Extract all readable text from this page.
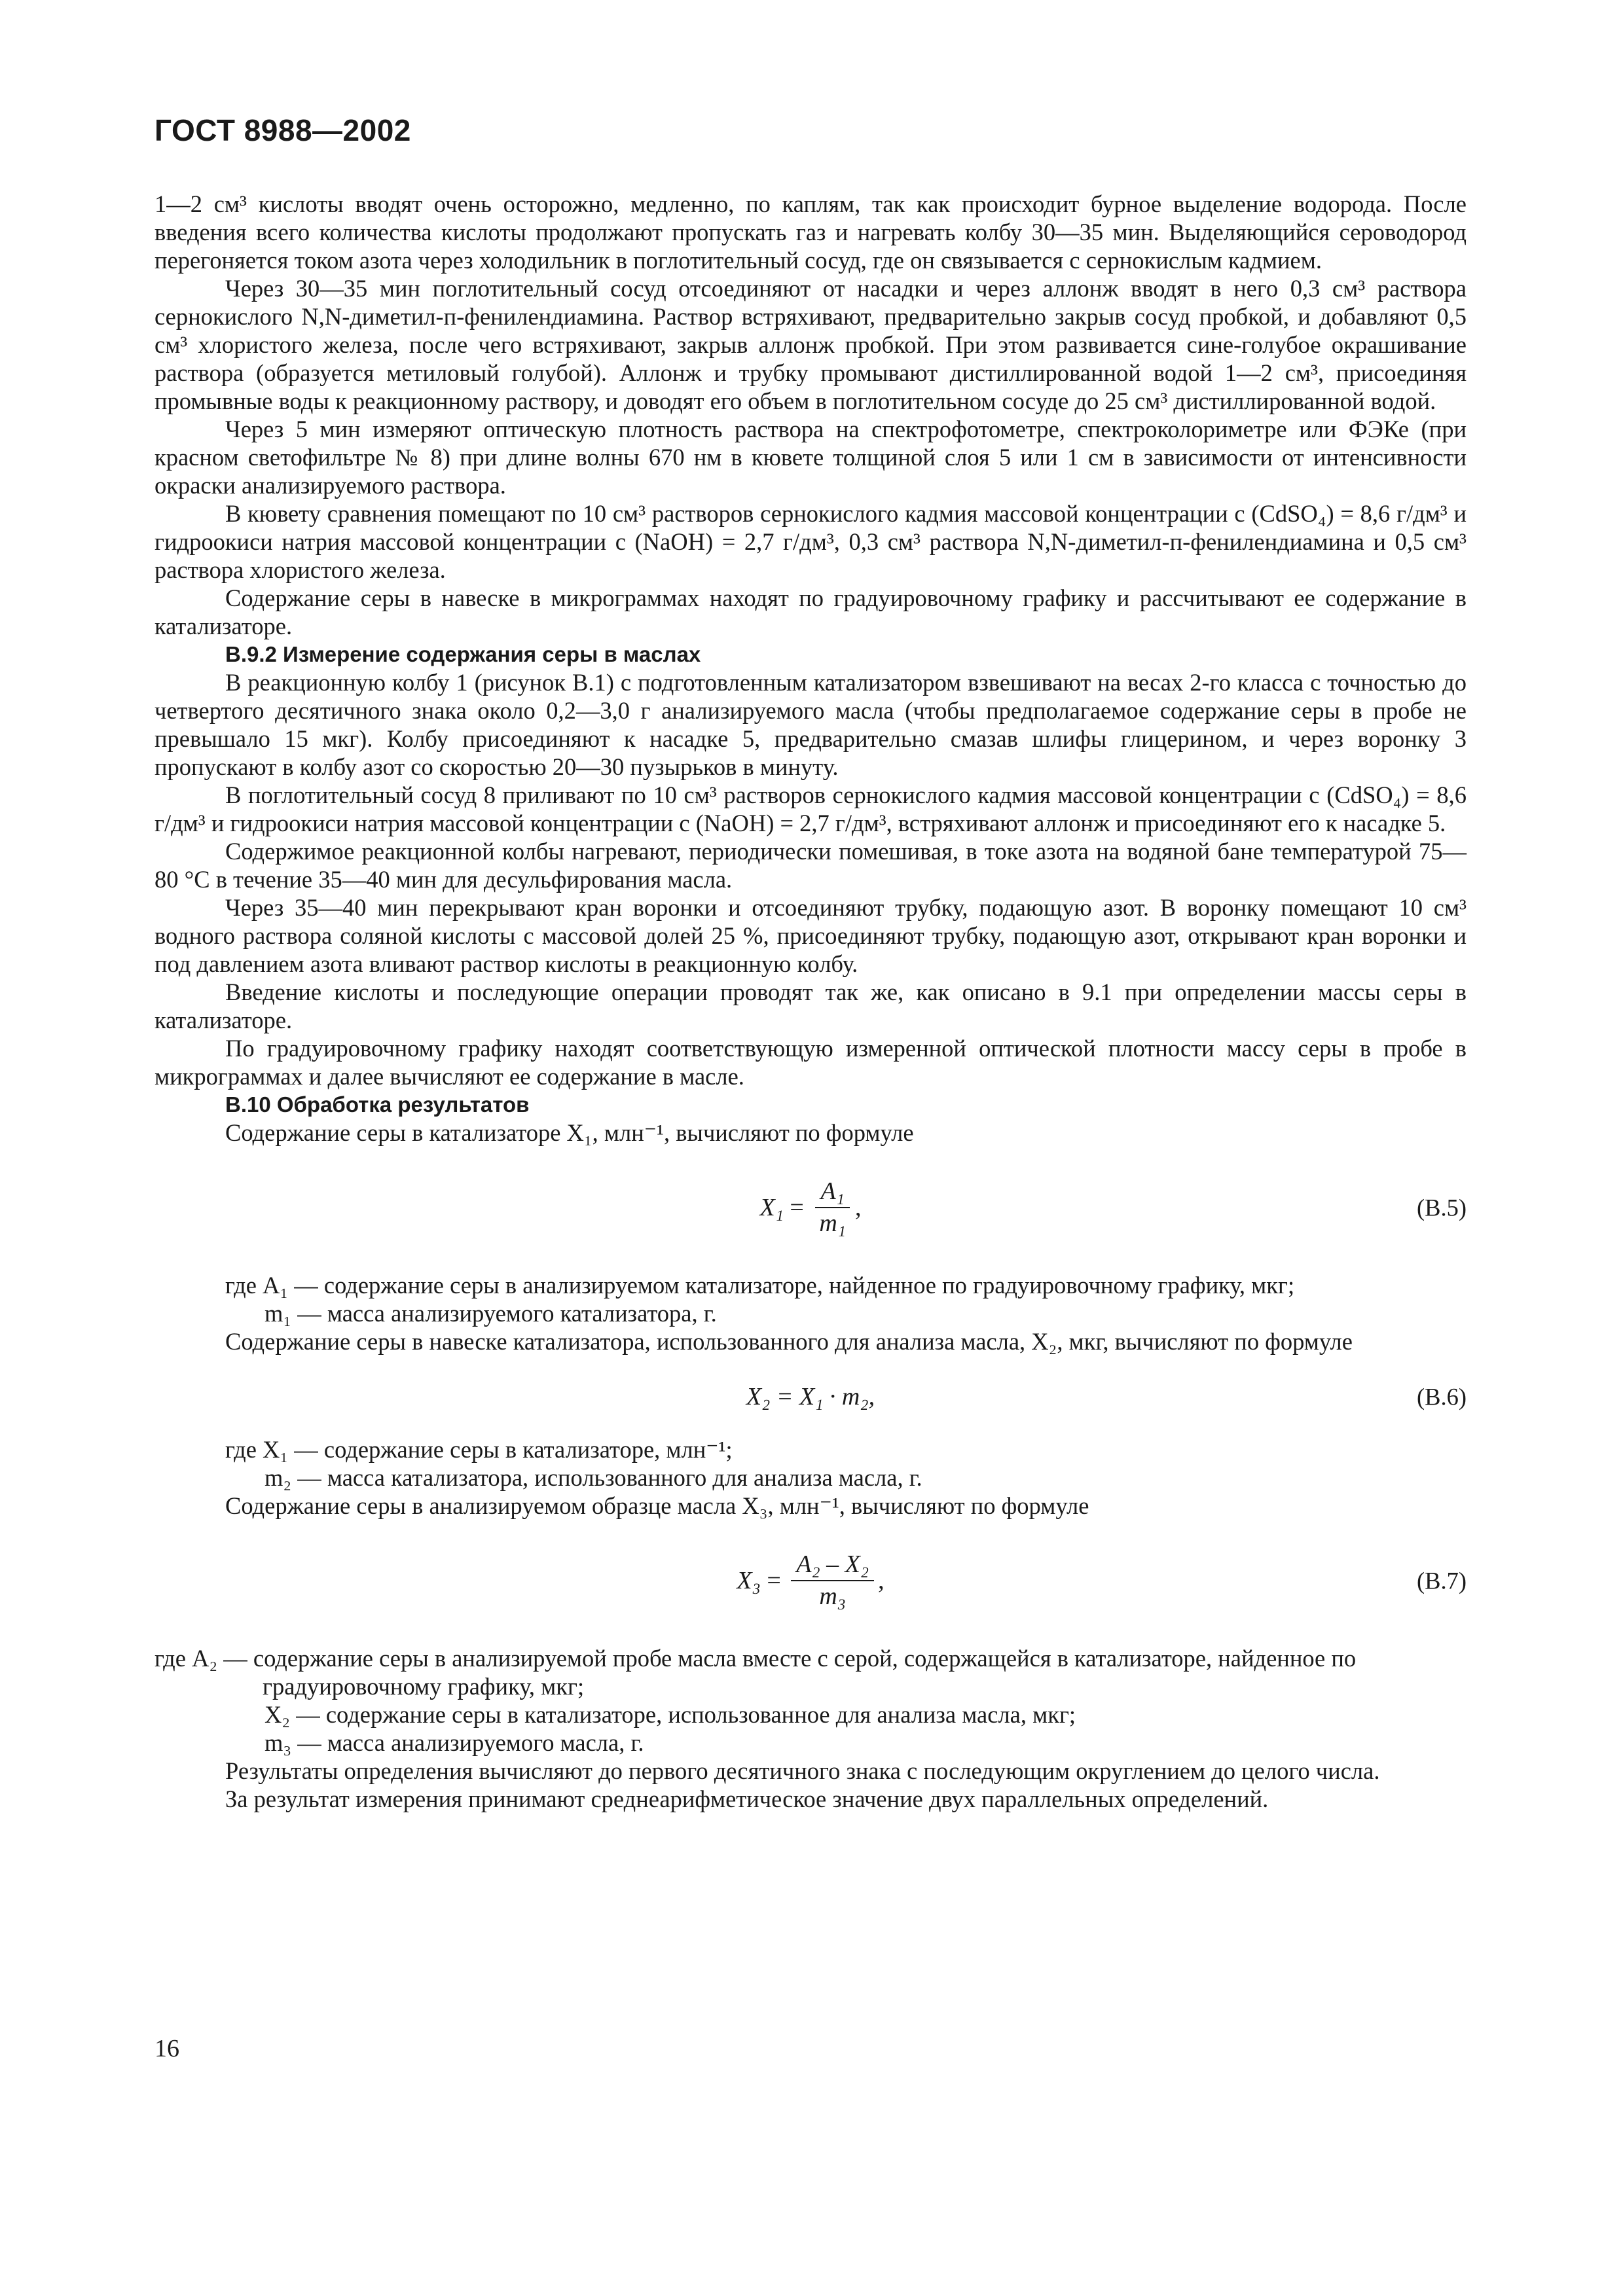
ГОСТ 8988—2002

1—2 см³ кислоты вводят очень осторожно, медленно, по каплям, так как происходит бурное выделение водорода. После введения всего количества кислоты продолжают пропускать газ и нагревать колбу 30—35 мин. Выделяющийся сероводород перегоняется током азота через холодильник в поглотительный сосуд, где он связывается с сернокислым кадмием.

Через 30—35 мин поглотительный сосуд отсоединяют от насадки и через аллонж вводят в него 0,3 см³ раствора сернокислого N,N-диметил-п-фенилендиамина. Раствор встряхивают, предварительно закрыв сосуд пробкой, и добавляют 0,5 см³ хлористого железа, после чего встряхивают, закрыв аллонж пробкой. При этом развивается сине-голубое окрашивание раствора (образуется метиловый голубой). Аллонж и трубку промывают дистиллированной водой 1—2 см³, присоединяя промывные воды к реакционному раствору, и доводят его объем в поглотительном сосуде до 25 см³ дистиллированной водой.

Через 5 мин измеряют оптическую плотность раствора на спектрофотометре, спектроколориметре или ФЭКе (при красном светофильтре № 8) при длине волны 670 нм в кювете толщиной слоя 5 или 1 см в зависимости от интенсивности окраски анализируемого раствора.

В кювету сравнения помещают по 10 см³ растворов сернокислого кадмия массовой концентрации c (CdSO₄) = 8,6 г/дм³ и гидроокиси натрия массовой концентрации c (NaOH) = 2,7 г/дм³, 0,3 см³ раствора N,N-диметил-п-фенилендиамина и 0,5 см³ раствора хлористого железа.

Содержание серы в навеске в микрограммах находят по градуировочному графику и рассчитывают ее содержание в катализаторе.

В.9.2 Измерение содержания серы в маслах

В реакционную колбу 1 (рисунок В.1) с подготовленным катализатором взвешивают на весах 2-го класса с точностью до четвертого десятичного знака около 0,2—3,0 г анализируемого масла (чтобы предполагаемое содержание серы в пробе не превышало 15 мкг). Колбу присоединяют к насадке 5, предварительно смазав шлифы глицерином, и через воронку 3 пропускают в колбу азот со скоростью 20—30 пузырьков в минуту.

В поглотительный сосуд 8 приливают по 10 см³ растворов сернокислого кадмия массовой концентрации c (CdSO₄) = 8,6 г/дм³ и гидроокиси натрия массовой концентрации c (NaOH) = 2,7 г/дм³, встряхивают аллонж и присоединяют его к насадке 5.

Содержимое реакционной колбы нагревают, периодически помешивая, в токе азота на водяной бане температурой 75—80 °С в течение 35—40 мин для десульфирования масла.

Через 35—40 мин перекрывают кран воронки и отсоединяют трубку, подающую азот. В воронку помещают 10 см³ водного раствора соляной кислоты с массовой долей 25 %, присоединяют трубку, подающую азот, открывают кран воронки и под давлением азота вливают раствор кислоты в реакционную колбу.

Введение кислоты и последующие операции проводят так же, как описано в 9.1 при определении массы серы в катализаторе.

По градуировочному графику находят соответствующую измеренной оптической плотности массу серы в пробе в микрограммах и далее вычисляют ее содержание в масле.

В.10 Обработка результатов

Содержание серы в катализаторе X₁, млн⁻¹, вычисляют по формуле

$X_1 = \frac{\text{A₁}}{\text{m₁}}$ ,	(В.5)

где A₁ — содержание серы в анализируемом катализаторе, найденное по градуировочному графику, мкг;

m₁ — масса анализируемого катализатора, г.

Содержание серы в навеске катализатора, использованного для анализа масла, X₂, мкг, вычисляют по формуле

X₂ = X₁ · m₂,	(В.6)

где X₁ — содержание серы в катализаторе, млн⁻¹;

m₂ — масса катализатора, использованного для анализа масла, г.

Содержание серы в анализируемом образце масла X₃, млн⁻¹, вычисляют по формуле

$X_3 = \frac{\text{A₂ – X₂}}{\text{m₃}}$ ,	(В.7)

где A₂ — содержание серы в анализируемой пробе масла вместе с серой, содержащейся в катализаторе, найденное по градуировочному графику, мкг;

X₂ — содержание серы в катализаторе, использованное для анализа масла, мкг;

m₃ — масса анализируемого масла, г.

Результаты определения вычисляют до первого десятичного знака с последующим округлением до целого числа.

За результат измерения принимают среднеарифметическое значение двух параллельных определений.

16
